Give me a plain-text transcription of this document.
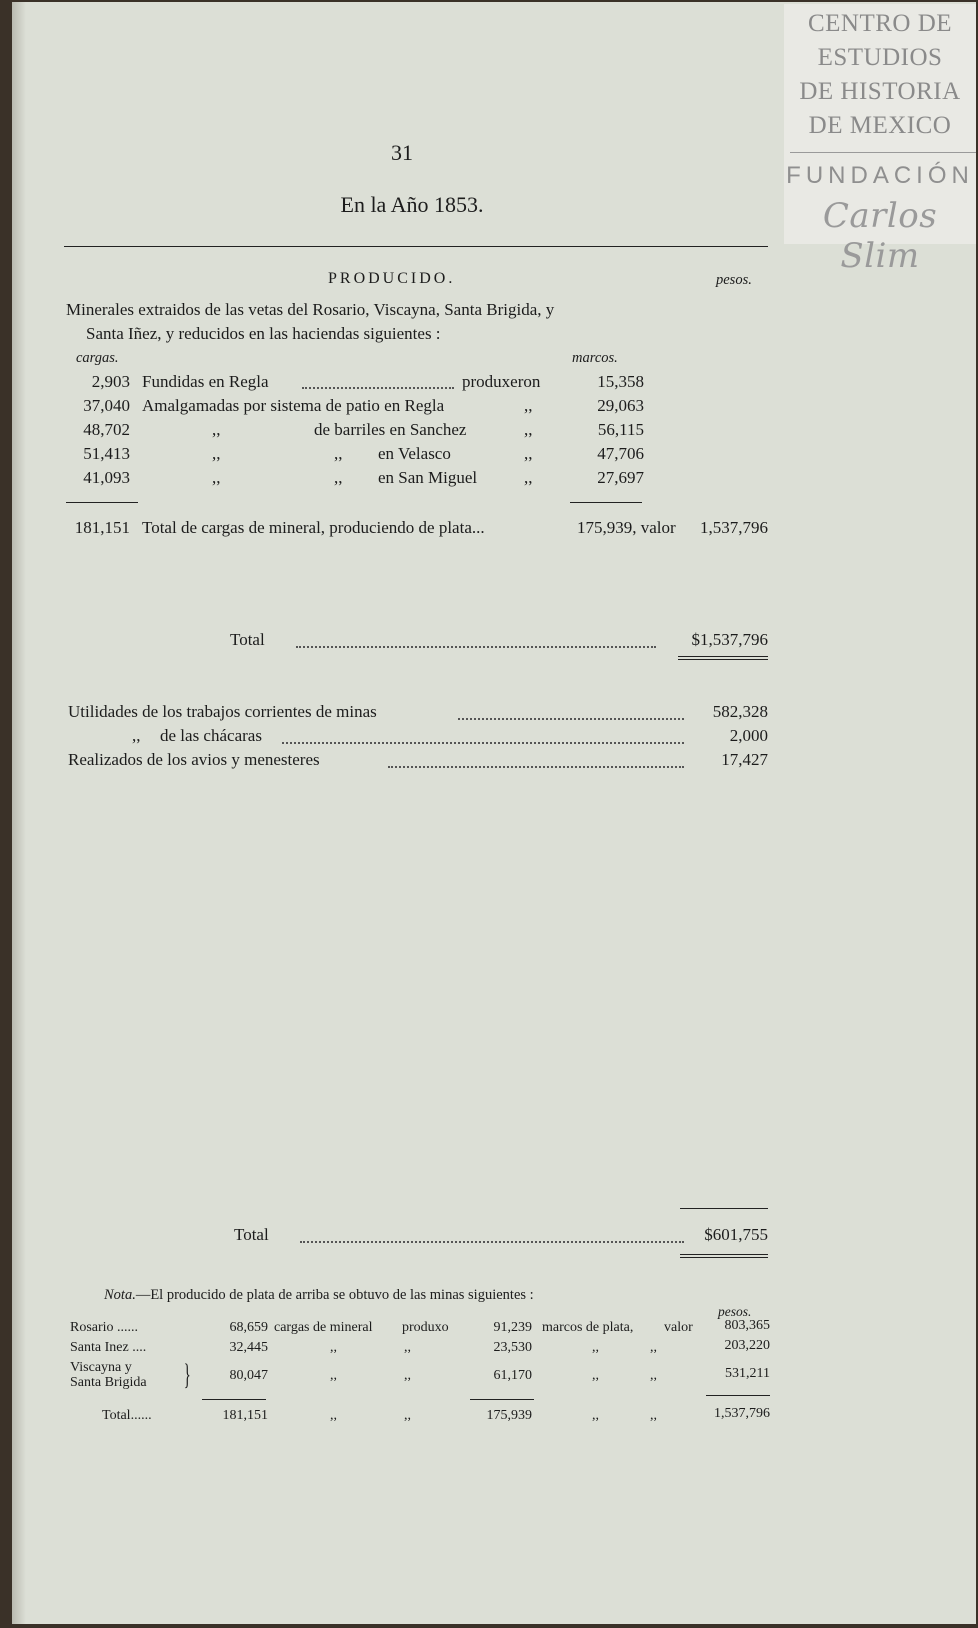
CENTRO DE
ESTUDIOS
DE HISTORIA
DE MEXICO
FUNDACIÓN
Carlos Slim
31
En la Año 1853.
PRODUCIDO.	pesos.
Minerales extraidos de las vetas del Rosario, Viscayna, Santa Brigida, y
Santa Iñez, y reducidos en las haciendas siguientes :
cargas.	marcos.
2,903 Fundidas en Regla	produxeron	15,358
37,040 Amalgamadas por sistema de patio en Regla	,,	29,063
48,702	,,	de barriles en Sanchez	,,	56,115
51,413	,,	,, en Velasco	,,	47,706
41,093	,,	,, en San Miguel	,,	27,697
181,151 Total de cargas de mineral, produciendo de plata...	175,939, valor	1,537,796
Total	$1,537,796
Utilidades de los trabajos corrientes de minas	582,328
,, de las chácaras	2,000
Realizados de los avios y menesteres	17,427
Total	$601,755
Nota.—El producido de plata de arriba se obtuvo de las minas siguientes :
pesos.
Rosario ......	68,659 cargas de mineral produxo	91,239 marcos de plata, valor	803,365
Santa Inez ....	32,445	,,	,,	23,530	,,	,,	203,220
Viscayna y
Santa Brigida }	80,047	,,	,,	61,170	,,	,,	531,211
Total......	181,151	,,	,,	175,939	,,	,,	1,537,796
